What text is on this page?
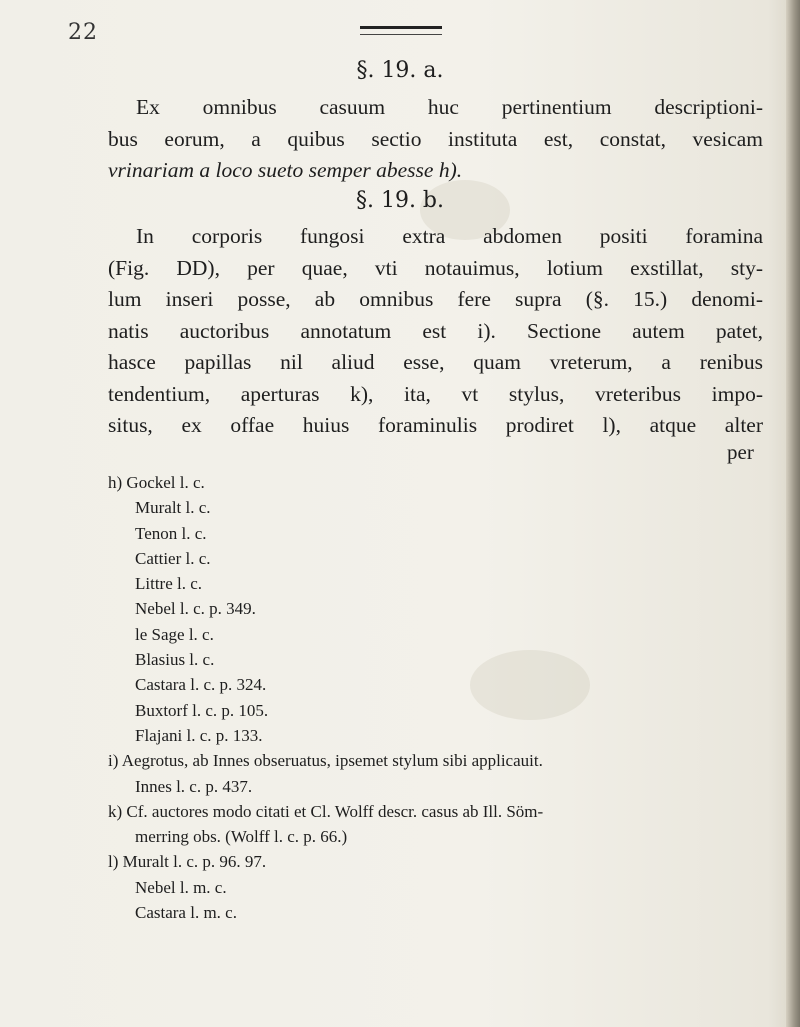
22
§. 19. a.
Ex omnibus casuum huc pertinentium descriptioni-
bus eorum, a quibus sectio instituta est, constat, vesicam
vrinariam a loco sueto semper abesse h).
§. 19. b.
In corporis fungosi extra abdomen positi foramina
(Fig. DD), per quae, vti notauimus, lotium exstillat, sty-
lum inseri posse, ab omnibus fere supra (§. 15.) denomi-
natis auctoribus annotatum est i). Sectione autem patet,
hasce papillas nil aliud esse, quam vreterum, a renibus
tendentium, aperturas k), ita, vt stylus, vreteribus impo-
situs, ex offae huius foraminulis prodiret l), atque alter
per
h) Gockel l. c.
Muralt l. c.
Tenon l. c.
Cattier l. c.
Littre l. c.
Nebel l. c. p. 349.
le Sage l. c.
Blasius l. c.
Castara l. c. p. 324.
Buxtorf l. c. p. 105.
Flajani l. c. p. 133.
i) Aegrotus, ab Innes obseruatus, ipsemet stylum sibi applicauit.
Innes l. c. p. 437.
k) Cf. auctores modo citati et Cl. Wolff descr. casus ab Ill. Söm-
merring obs. (Wolff l. c. p. 66.)
l) Muralt l. c. p. 96. 97.
Nebel l. m. c.
Castara l. m. c.
